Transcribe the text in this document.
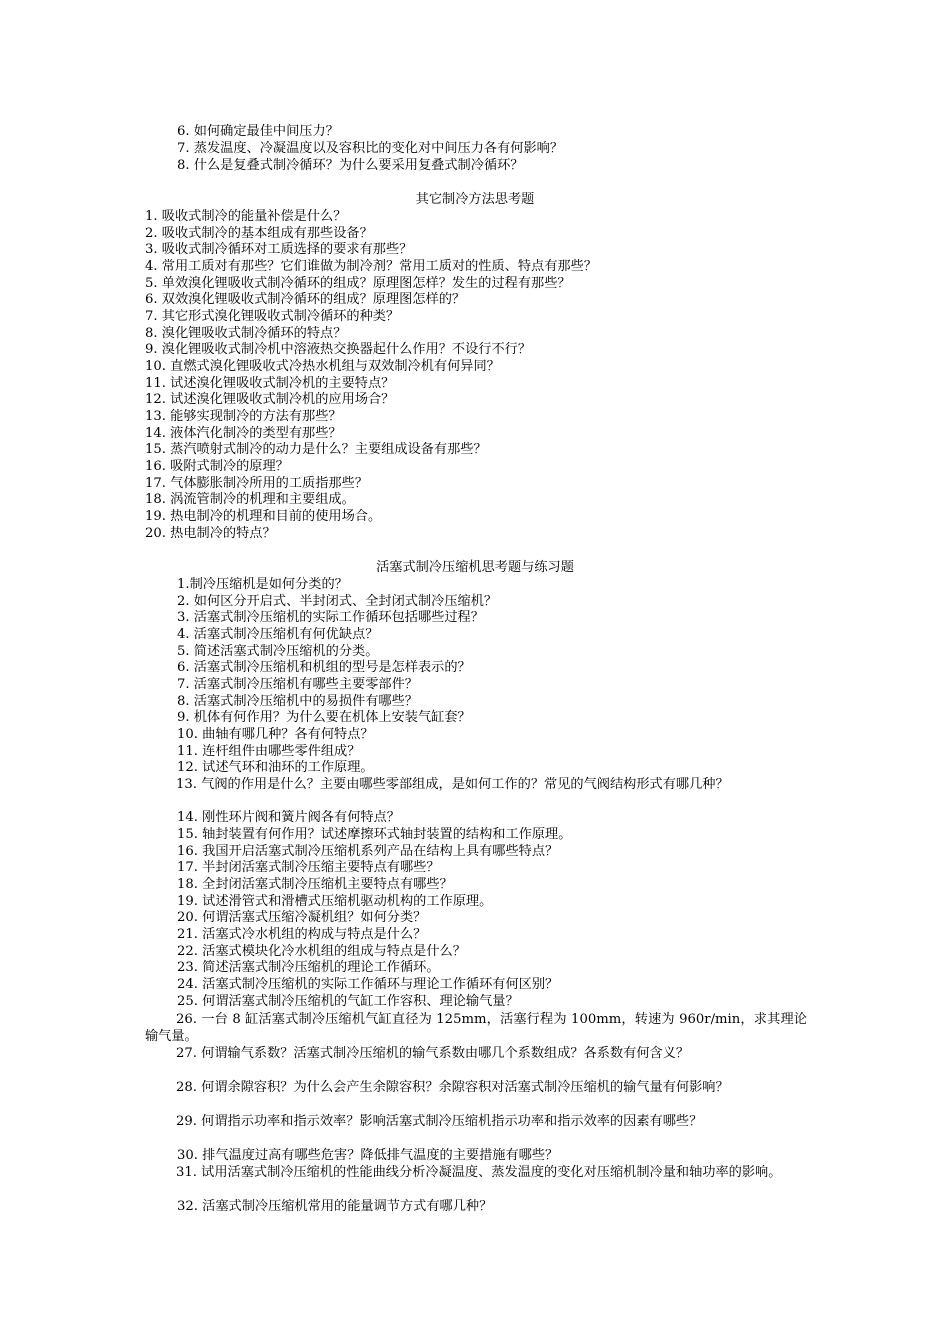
6. 如何确定最佳中间压力？
7. 蒸发温度、冷凝温度以及容积比的变化对中间压力各有何影响？
8. 什么是复叠式制冷循环？为什么要采用复叠式制冷循环？
其它制冷方法思考题
1. 吸收式制冷的能量补偿是什么？
2. 吸收式制冷的基本组成有那些设备？
3. 吸收式制冷循环对工质选择的要求有那些？
4. 常用工质对有那些？它们谁做为制冷剂？常用工质对的性质、特点有那些？
5. 单效溴化锂吸收式制冷循环的组成？原理图怎样？发生的过程有那些？
6. 双效溴化锂吸收式制冷循环的组成？原理图怎样的？
7. 其它形式溴化锂吸收式制冷循环的种类？
8. 溴化锂吸收式制冷循环的特点？
9. 溴化锂吸收式制冷机中溶液热交换器起什么作用？不设行不行？
10. 直燃式溴化锂吸收式冷热水机组与双效制冷机有何异同？
11. 试述溴化锂吸收式制冷机的主要特点？
12. 试述溴化锂吸收式制冷机的应用场合？
13. 能够实现制冷的方法有那些？
14. 液体汽化制冷的类型有那些？
15. 蒸汽喷射式制冷的动力是什么？主要组成设备有那些？
16. 吸附式制冷的原理？
17. 气体膨胀制冷所用的工质指那些？
18. 涡流管制冷的机理和主要组成。
19. 热电制冷的机理和目前的使用场合。
20. 热电制冷的特点？
活塞式制冷压缩机思考题与练习题
1.制冷压缩机是如何分类的？
2. 如何区分开启式、半封闭式、全封闭式制冷压缩机？
3. 活塞式制冷压缩机的实际工作循环包括哪些过程？
4. 活塞式制冷压缩机有何优缺点？
5. 简述活塞式制冷压缩机的分类。
6. 活塞式制冷压缩机和机组的型号是怎样表示的？
7. 活塞式制冷压缩机有哪些主要零部件？
8. 活塞式制冷压缩机中的易损件有哪些？
9. 机体有何作用？为什么要在机体上安装气缸套？
10. 曲轴有哪几种？各有何特点？
11. 连杆组件由哪些零件组成？
12. 试述气环和油环的工作原理。
13. 气阀的作用是什么？主要由哪些零部组成，是如何工作的？常见的气阀结构形式有哪几种？
14. 刚性环片阀和簧片阀各有何特点？
15. 轴封装置有何作用？试述摩擦环式轴封装置的结构和工作原理。
16. 我国开启活塞式制冷压缩机系列产品在结构上具有哪些特点？
17. 半封闭活塞式制冷压缩主要特点有哪些？
18. 全封闭活塞式制冷压缩机主要特点有哪些？
19. 试述滑管式和滑槽式压缩机驱动机构的工作原理。
20. 何谓活塞式压缩冷凝机组？如何分类？
21. 活塞式冷水机组的构成与特点是什么？
22. 活塞式模块化冷水机组的组成与特点是什么？
23. 简述活塞式制冷压缩机的理论工作循环。
24. 活塞式制冷压缩机的实际工作循环与理论工作循环有何区别？
25. 何谓活塞式制冷压缩机的气缸工作容积、理论输气量？
26. 一台 8 缸活塞式制冷压缩机气缸直径为 125mm，活塞行程为 100mm，转速为 960r/min，求其理论输气量。
27. 何谓输气系数？活塞式制冷压缩机的输气系数由哪几个系数组成？各系数有何含义？
28. 何谓余隙容积？为什么会产生余隙容积？余隙容积对活塞式制冷压缩机的输气量有何影响？
29. 何谓指示功率和指示效率？影响活塞式制冷压缩机指示功率和指示效率的因素有哪些？
30. 排气温度过高有哪些危害？降低排气温度的主要措施有哪些？
31. 试用活塞式制冷压缩机的性能曲线分析冷凝温度、蒸发温度的变化对压缩机制冷量和轴功率的影响。
32. 活塞式制冷压缩机常用的能量调节方式有哪几种？
